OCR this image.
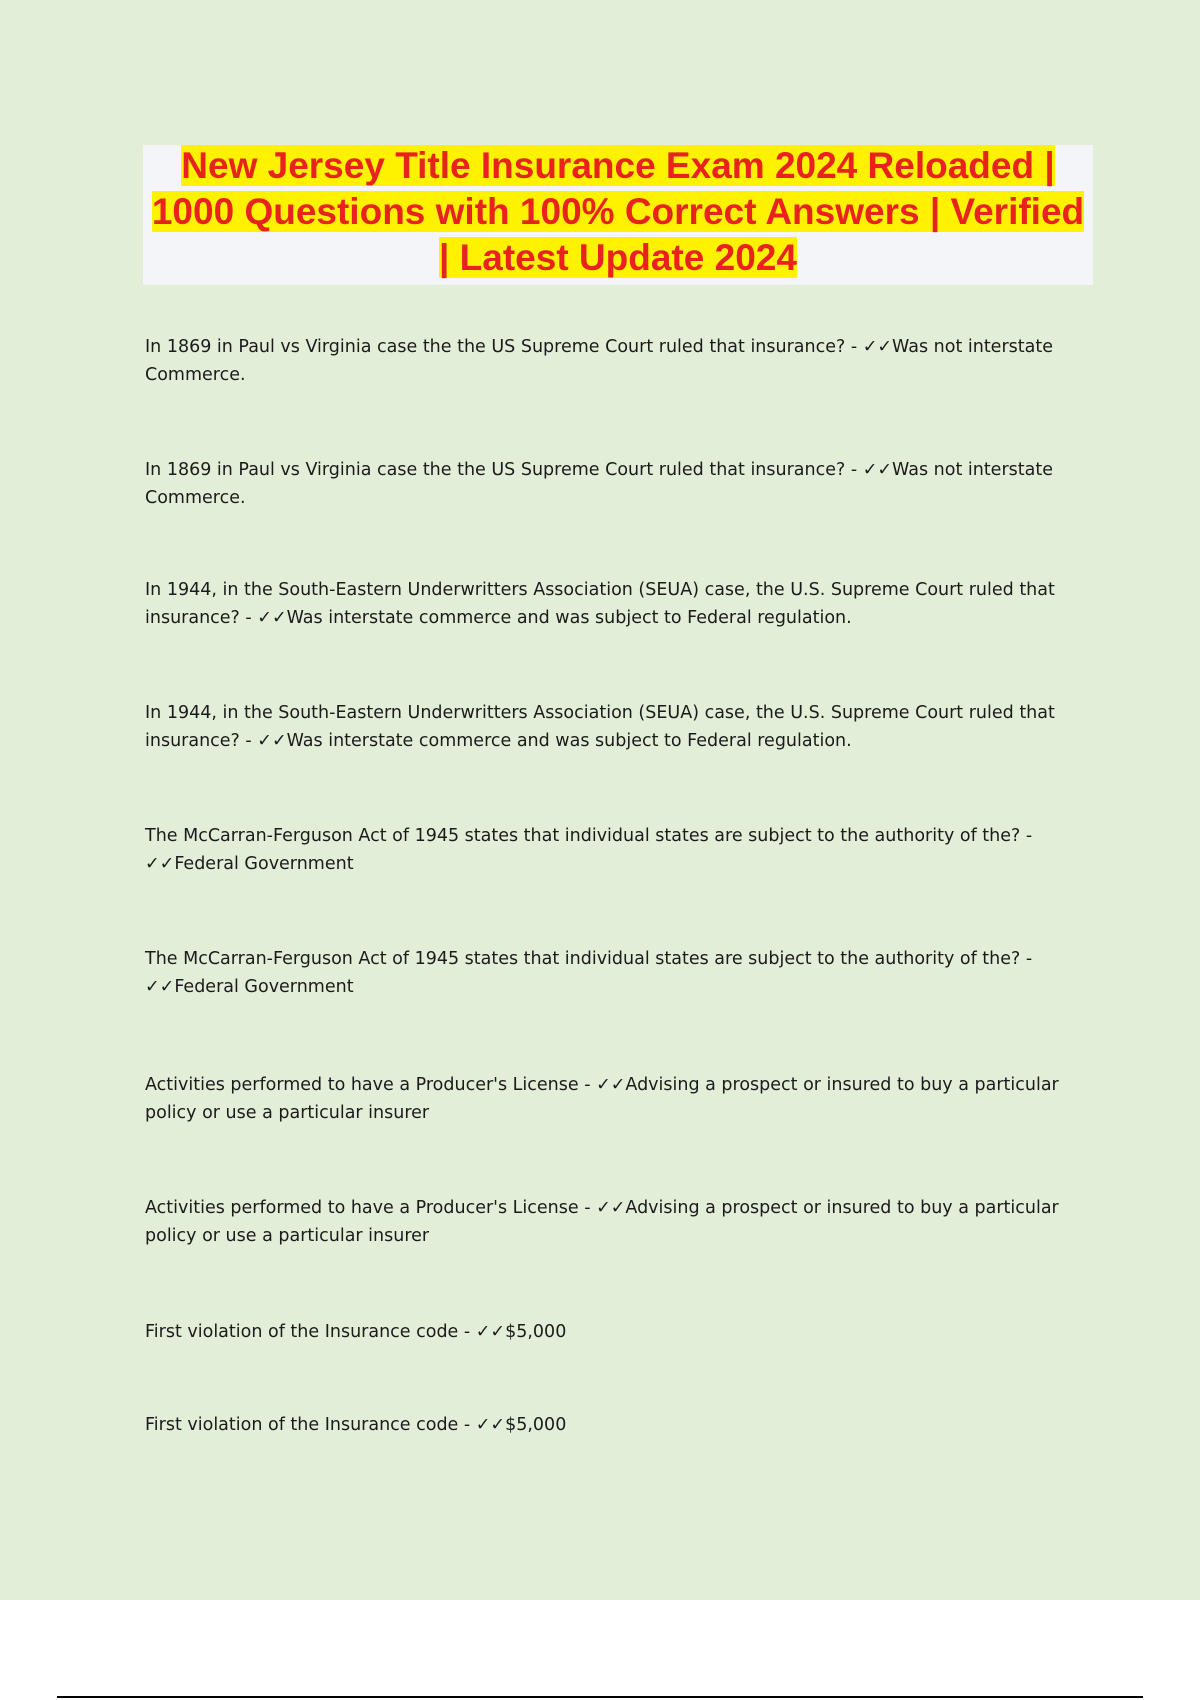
New Jersey Title Insurance Exam 2024 Reloaded | 1000 Questions with 100% Correct Answers | Verified | Latest Update 2024

In 1869 in Paul vs Virginia case the the US Supreme Court ruled that insurance? - ✓✓Was not interstate Commerce.

In 1869 in Paul vs Virginia case the the US Supreme Court ruled that insurance? - ✓✓Was not interstate Commerce.

In 1944, in the South-Eastern Underwritters Association (SEUA) case, the U.S. Supreme Court ruled that insurance? - ✓✓Was interstate commerce and was subject to Federal regulation.

In 1944, in the South-Eastern Underwritters Association (SEUA) case, the U.S. Supreme Court ruled that insurance? - ✓✓Was interstate commerce and was subject to Federal regulation.

The McCarran-Ferguson Act of 1945 states that individual states are subject to the authority of the? - ✓✓Federal Government

The McCarran-Ferguson Act of 1945 states that individual states are subject to the authority of the? - ✓✓Federal Government

Activities performed to have a Producer's License - ✓✓Advising a prospect or insured to buy a particular policy or use a particular insurer

Activities performed to have a Producer's License - ✓✓Advising a prospect or insured to buy a particular policy or use a particular insurer

First violation of the Insurance code - ✓✓$5,000

First violation of the Insurance code - ✓✓$5,000
